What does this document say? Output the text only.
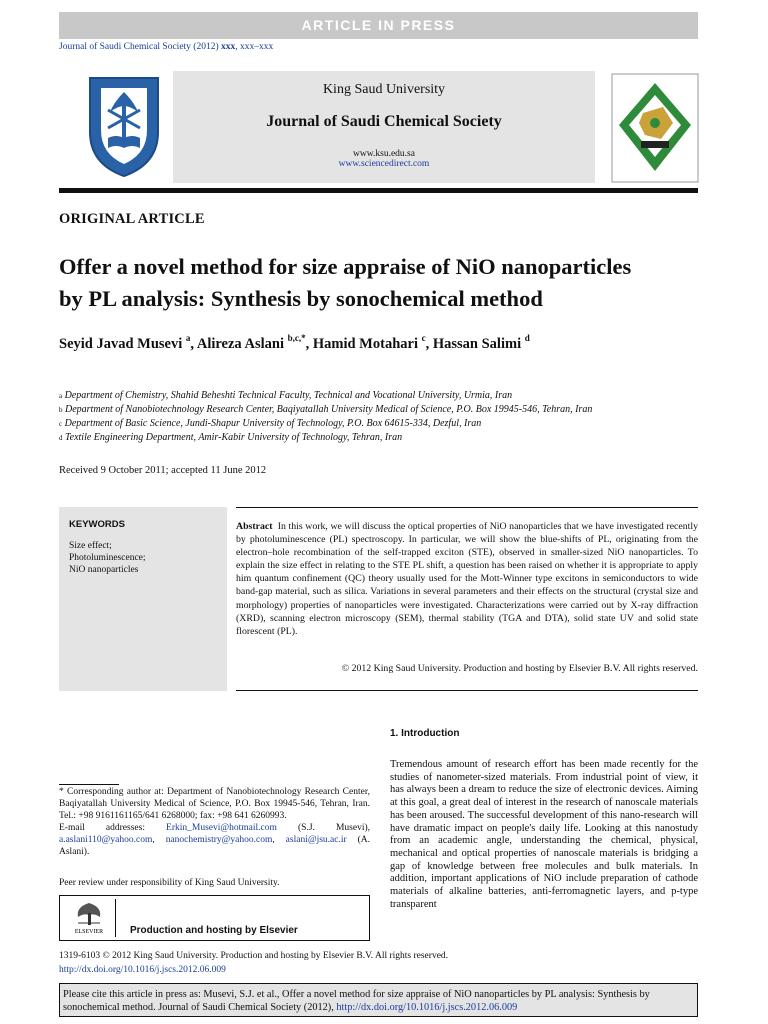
ARTICLE IN PRESS
Journal of Saudi Chemical Society (2012) xxx, xxx–xxx
King Saud University
Journal of Saudi Chemical Society
www.ksu.edu.sa
www.sciencedirect.com
ORIGINAL ARTICLE
Offer a novel method for size appraise of NiO nanoparticles
by PL analysis: Synthesis by sonochemical method
Seyid Javad Musevi $^a$, Alireza Aslani $^{b,c,*}$, Hamid Motahari $^c$, Hassan Salimi $^d$
$^a$ Department of Chemistry, Shahid Beheshti Technical Faculty, Technical and Vocational University, Urmia, Iran
$^b$ Department of Nanobiotechnology Research Center, Baqiyatallah University Medical of Science, P.O. Box 19945-546, Tehran, Iran
$^c$ Department of Basic Science, Jundi-Shapur University of Technology, P.O. Box 64615-334, Dezful, Iran
$^d$ Textile Engineering Department, Amir-Kabir University of Technology, Tehran, Iran
Received 9 October 2011; accepted 11 June 2012
KEYWORDS
Size effect;
Photoluminescence;
NiO nanoparticles
Abstract In this work, we will discuss the optical properties of NiO nanoparticles that we have investigated recently by photoluminescence (PL) spectroscopy. In particular, we will show the blue-shifts of PL, originating from the electron–hole recombination of the self-trapped exciton (STE), observed in smaller-sized NiO nanoparticles. To explain the size effect in relating to the STE PL shift, a question has been raised on whether it is appropriate to apply him quantum confinement (QC) theory usually used for the Mott-Winner type excitons in semiconductors to wide band-gap material, such as silica. Variations in several parameters and their effects on the structural (crystal size and morphology) properties of nanoparticles were investigated. Characterizations were carried out by X-ray diffraction (XRD), scanning electron microscopy (SEM), thermal stability (TGA and DTA), solid state UV and solid state florescent (PL).
© 2012 King Saud University. Production and hosting by Elsevier B.V. All rights reserved.
1. Introduction
Tremendous amount of research effort has been made recently for the studies of nanometer-sized materials. From industrial point of view, it has always been a dream to reduce the size of electronic devices. Aiming at this goal, a great deal of interest in the research of nanoscale materials has been aroused. The successful development of this nano-research will have dramatic impact on people's daily life. Looking at this nanostudy from an academic angle, understanding the chemical, physical, mechanical and optical properties of nanoscale materials is bridging a gap of knowledge between free molecules and bulk materials. In addition, important applications of NiO include preparation of cathode materials of alkaline batteries, anti-ferromagnetic layers, and p-type transparent
* Corresponding author at: Department of Nanobiotechnology Research Center, Baqiyatallah University Medical of Science, P.O. Box 19945-546, Tehran, Iran. Tel.: +98 9161161165/641 6268000; fax: +98 641 6260993.
E-mail addresses: Erkin_Musevi@hotmail.com (S.J. Musevi), a.aslani110@yahoo.com, nanochemistry@yahoo.com, aslani@jsu.ac.ir (A. Aslani).
Peer review under responsibility of King Saud University.
ELSEVIER	Production and hosting by Elsevier
1319-6103 © 2012 King Saud University. Production and hosting by Elsevier B.V. All rights reserved.
http://dx.doi.org/10.1016/j.jscs.2012.06.009
Please cite this article in press as: Musevi, S.J. et al., Offer a novel method for size appraise of NiO nanoparticles by PL analysis: Synthesis by sonochemical method. Journal of Saudi Chemical Society (2012), http://dx.doi.org/10.1016/j.jscs.2012.06.009
